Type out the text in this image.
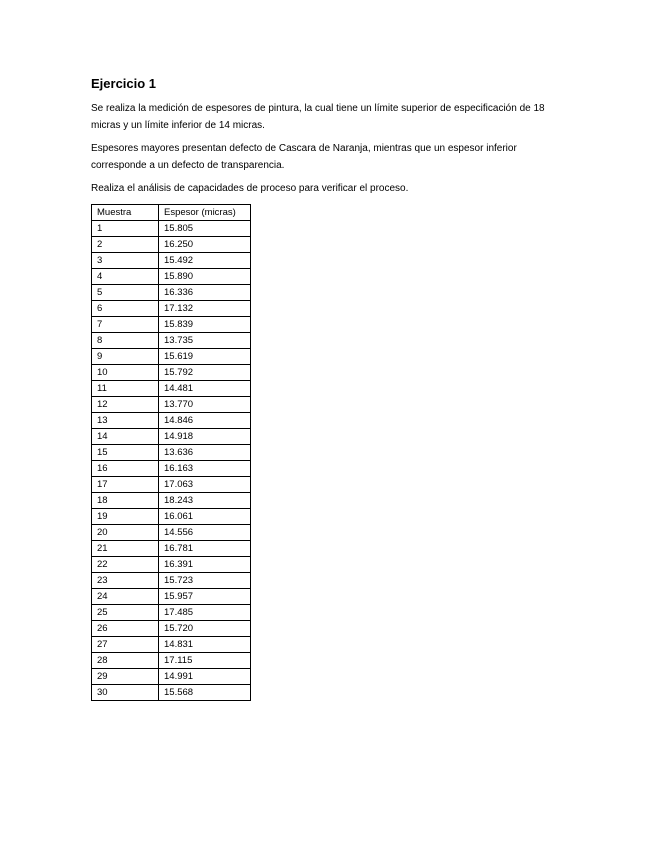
Ejercicio 1

Se realiza la medición de espesores de pintura, la cual tiene un límite superior de especificación de 18 micras y un límite inferior de 14 micras.

Espesores mayores presentan defecto de Cascara de Naranja, mientras que un espesor inferior corresponde a un defecto de transparencia.

Realiza el análisis de capacidades de proceso para verificar el proceso.

Muestra	Espesor (micras)
1	15.805
2	16.250
3	15.492
4	15.890
5	16.336
6	17.132
7	15.839
8	13.735
9	15.619
10	15.792
11	14.481
12	13.770
13	14.846
14	14.918
15	13.636
16	16.163
17	17.063
18	18.243
19	16.061
20	14.556
21	16.781
22	16.391
23	15.723
24	15.957
25	17.485
26	15.720
27	14.831
28	17.115
29	14.991
30	15.568
